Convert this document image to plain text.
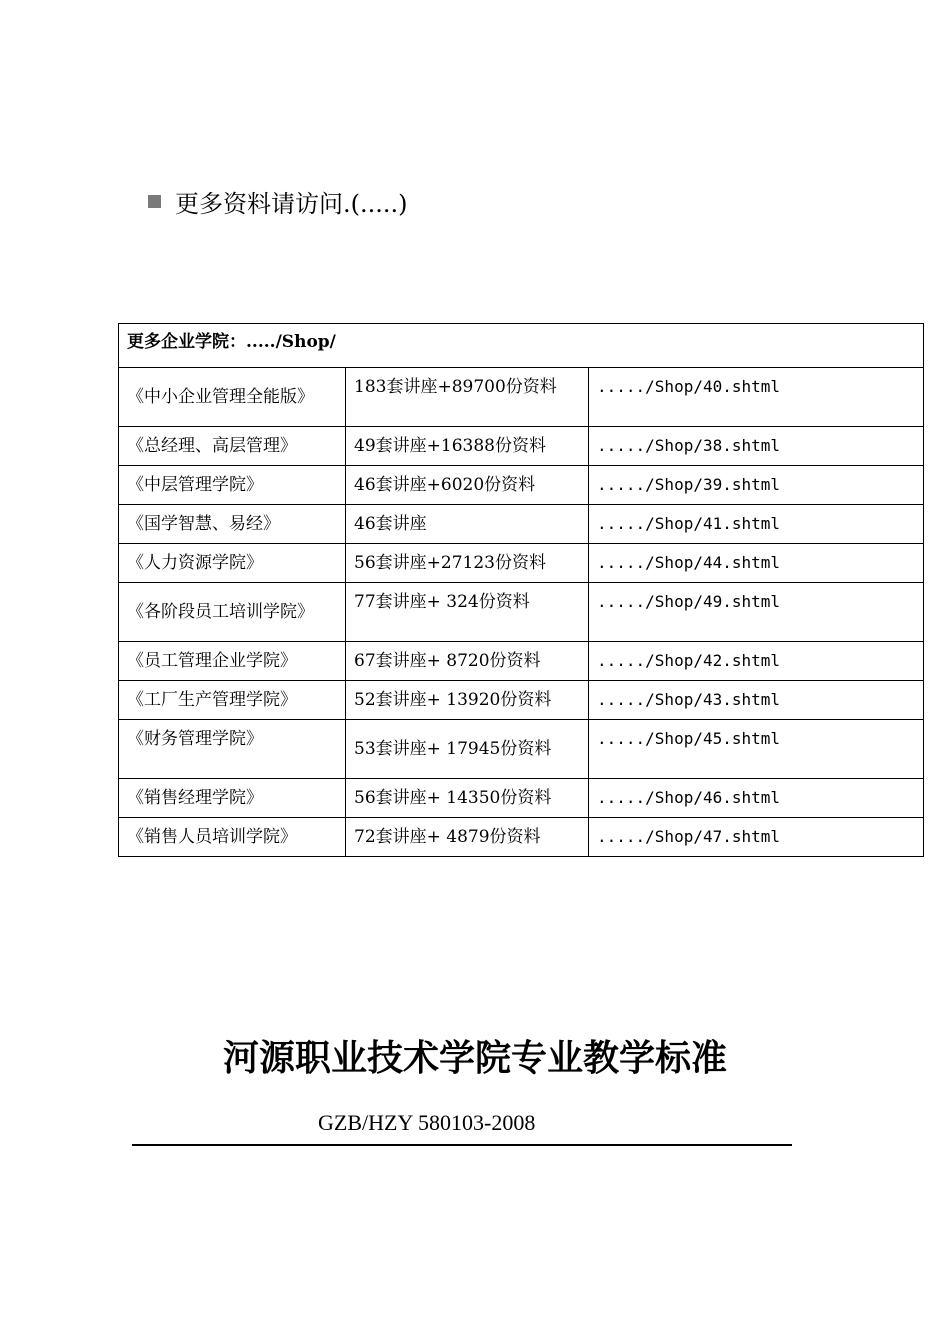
更多资料请访问.(.....)
更多企业学院：...../Shop/		
《中小企业管理全能版》	183套讲座+89700份资料	...../Shop/40.shtml
《总经理、高层管理》	49套讲座+16388份资料	...../Shop/38.shtml
《中层管理学院》	46套讲座+6020份资料	...../Shop/39.shtml
《国学智慧、易经》	46套讲座	...../Shop/41.shtml
《人力资源学院》	56套讲座+27123份资料	...../Shop/44.shtml
《各阶段员工培训学院》	77套讲座+ 324份资料	...../Shop/49.shtml
《员工管理企业学院》	67套讲座+ 8720份资料	...../Shop/42.shtml
《工厂生产管理学院》	52套讲座+ 13920份资料	...../Shop/43.shtml
《财务管理学院》	53套讲座+ 17945份资料	...../Shop/45.shtml
《销售经理学院》	56套讲座+ 14350份资料	...../Shop/46.shtml
《销售人员培训学院》	72套讲座+ 4879份资料	...../Shop/47.shtml
河源职业技术学院专业教学标准
GZB/HZY 580103-2008
